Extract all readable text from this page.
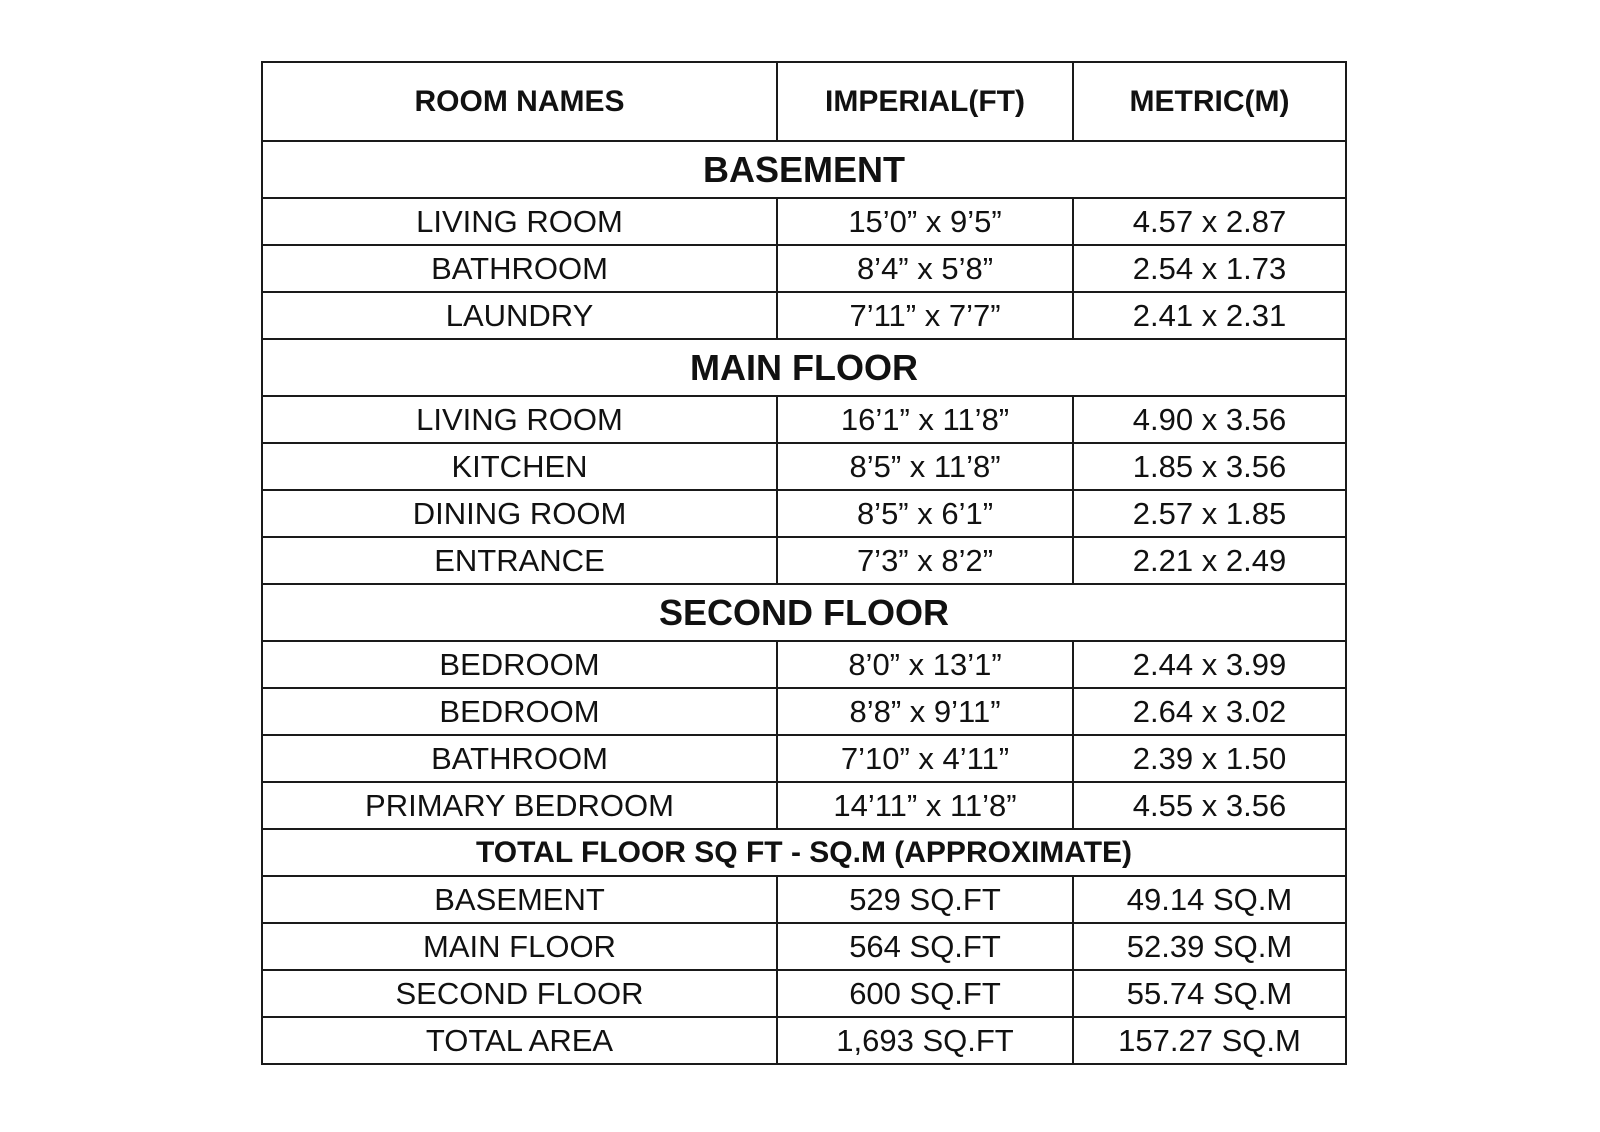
ROOM NAMES	IMPERIAL(FT)	METRIC(M)
BASEMENT		
LIVING ROOM	15’0” x 9’5”	4.57 x 2.87
BATHROOM	8’4” x 5’8”	2.54 x 1.73
LAUNDRY	7’11” x 7’7”	2.41 x 2.31
MAIN FLOOR		
LIVING ROOM	16’1” x 11’8”	4.90 x 3.56
KITCHEN	8’5” x 11’8”	1.85 x 3.56
DINING ROOM	8’5” x 6’1”	2.57 x 1.85
ENTRANCE	7’3” x 8’2”	2.21 x 2.49
SECOND FLOOR		
BEDROOM	8’0” x 13’1”	2.44 x 3.99
BEDROOM	8’8” x 9’11”	2.64 x 3.02
BATHROOM	7’10” x 4’11”	2.39 x 1.50
PRIMARY BEDROOM	14’11” x 11’8”	4.55 x 3.56
TOTAL FLOOR SQ FT - SQ.M (APPROXIMATE)		
BASEMENT	529 SQ.FT	49.14 SQ.M
MAIN FLOOR	564 SQ.FT	52.39 SQ.M
SECOND FLOOR	600 SQ.FT	55.74 SQ.M
TOTAL AREA	1,693 SQ.FT	157.27 SQ.M
